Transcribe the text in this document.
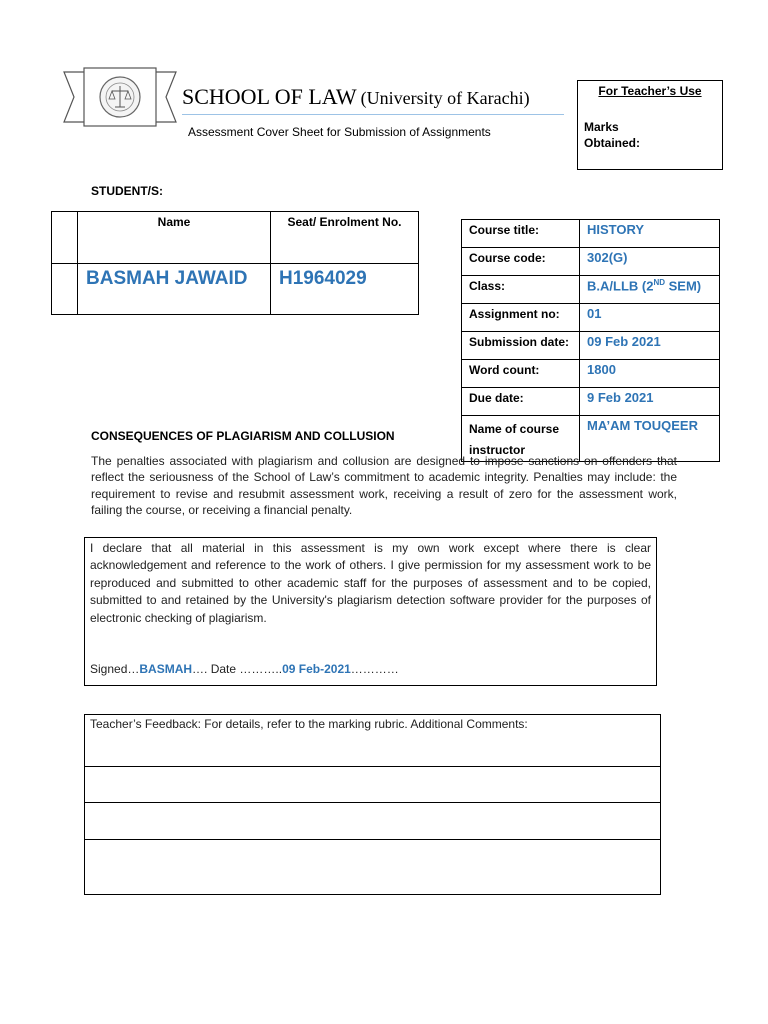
SCHOOL OF LAW (University of Karachi)
Assessment Cover Sheet for Submission of Assignments
For Teacher’s Use
Marks Obtained:
STUDENT/S:
	Name	Seat/ Enrolment No.
	BASMAH JAWAID	H1964029
Course title:	HISTORY
Course code:	302(G)
Class:	B.A/LLB (2ND SEM)
Assignment no:	01
Submission date:	09 Feb 2021
Word count:	1800
Due date:	9 Feb 2021
Name of course instructor	MA’AM TOUQEER
CONSEQUENCES OF PLAGIARISM AND COLLUSION
The penalties associated with plagiarism and collusion are designed to impose sanctions on offenders that reflect the seriousness of the School of Law’s commitment to academic integrity. Penalties may include: the requirement to revise and resubmit assessment work, receiving a result of zero for the assessment work, failing the course, or receiving a financial penalty.
I declare that all material in this assessment is my own work except where there is clear acknowledgement and reference to the work of others. I give permission for my assessment work to be reproduced and submitted to other academic staff for the purposes of assessment and to be copied, submitted to and retained by the University's plagiarism detection software provider for the purposes of electronic checking of plagiarism.
Signed…BASMAH…. Date ………..09 Feb-2021…………
Teacher’s Feedback: For details, refer to the marking rubric. Additional Comments:
